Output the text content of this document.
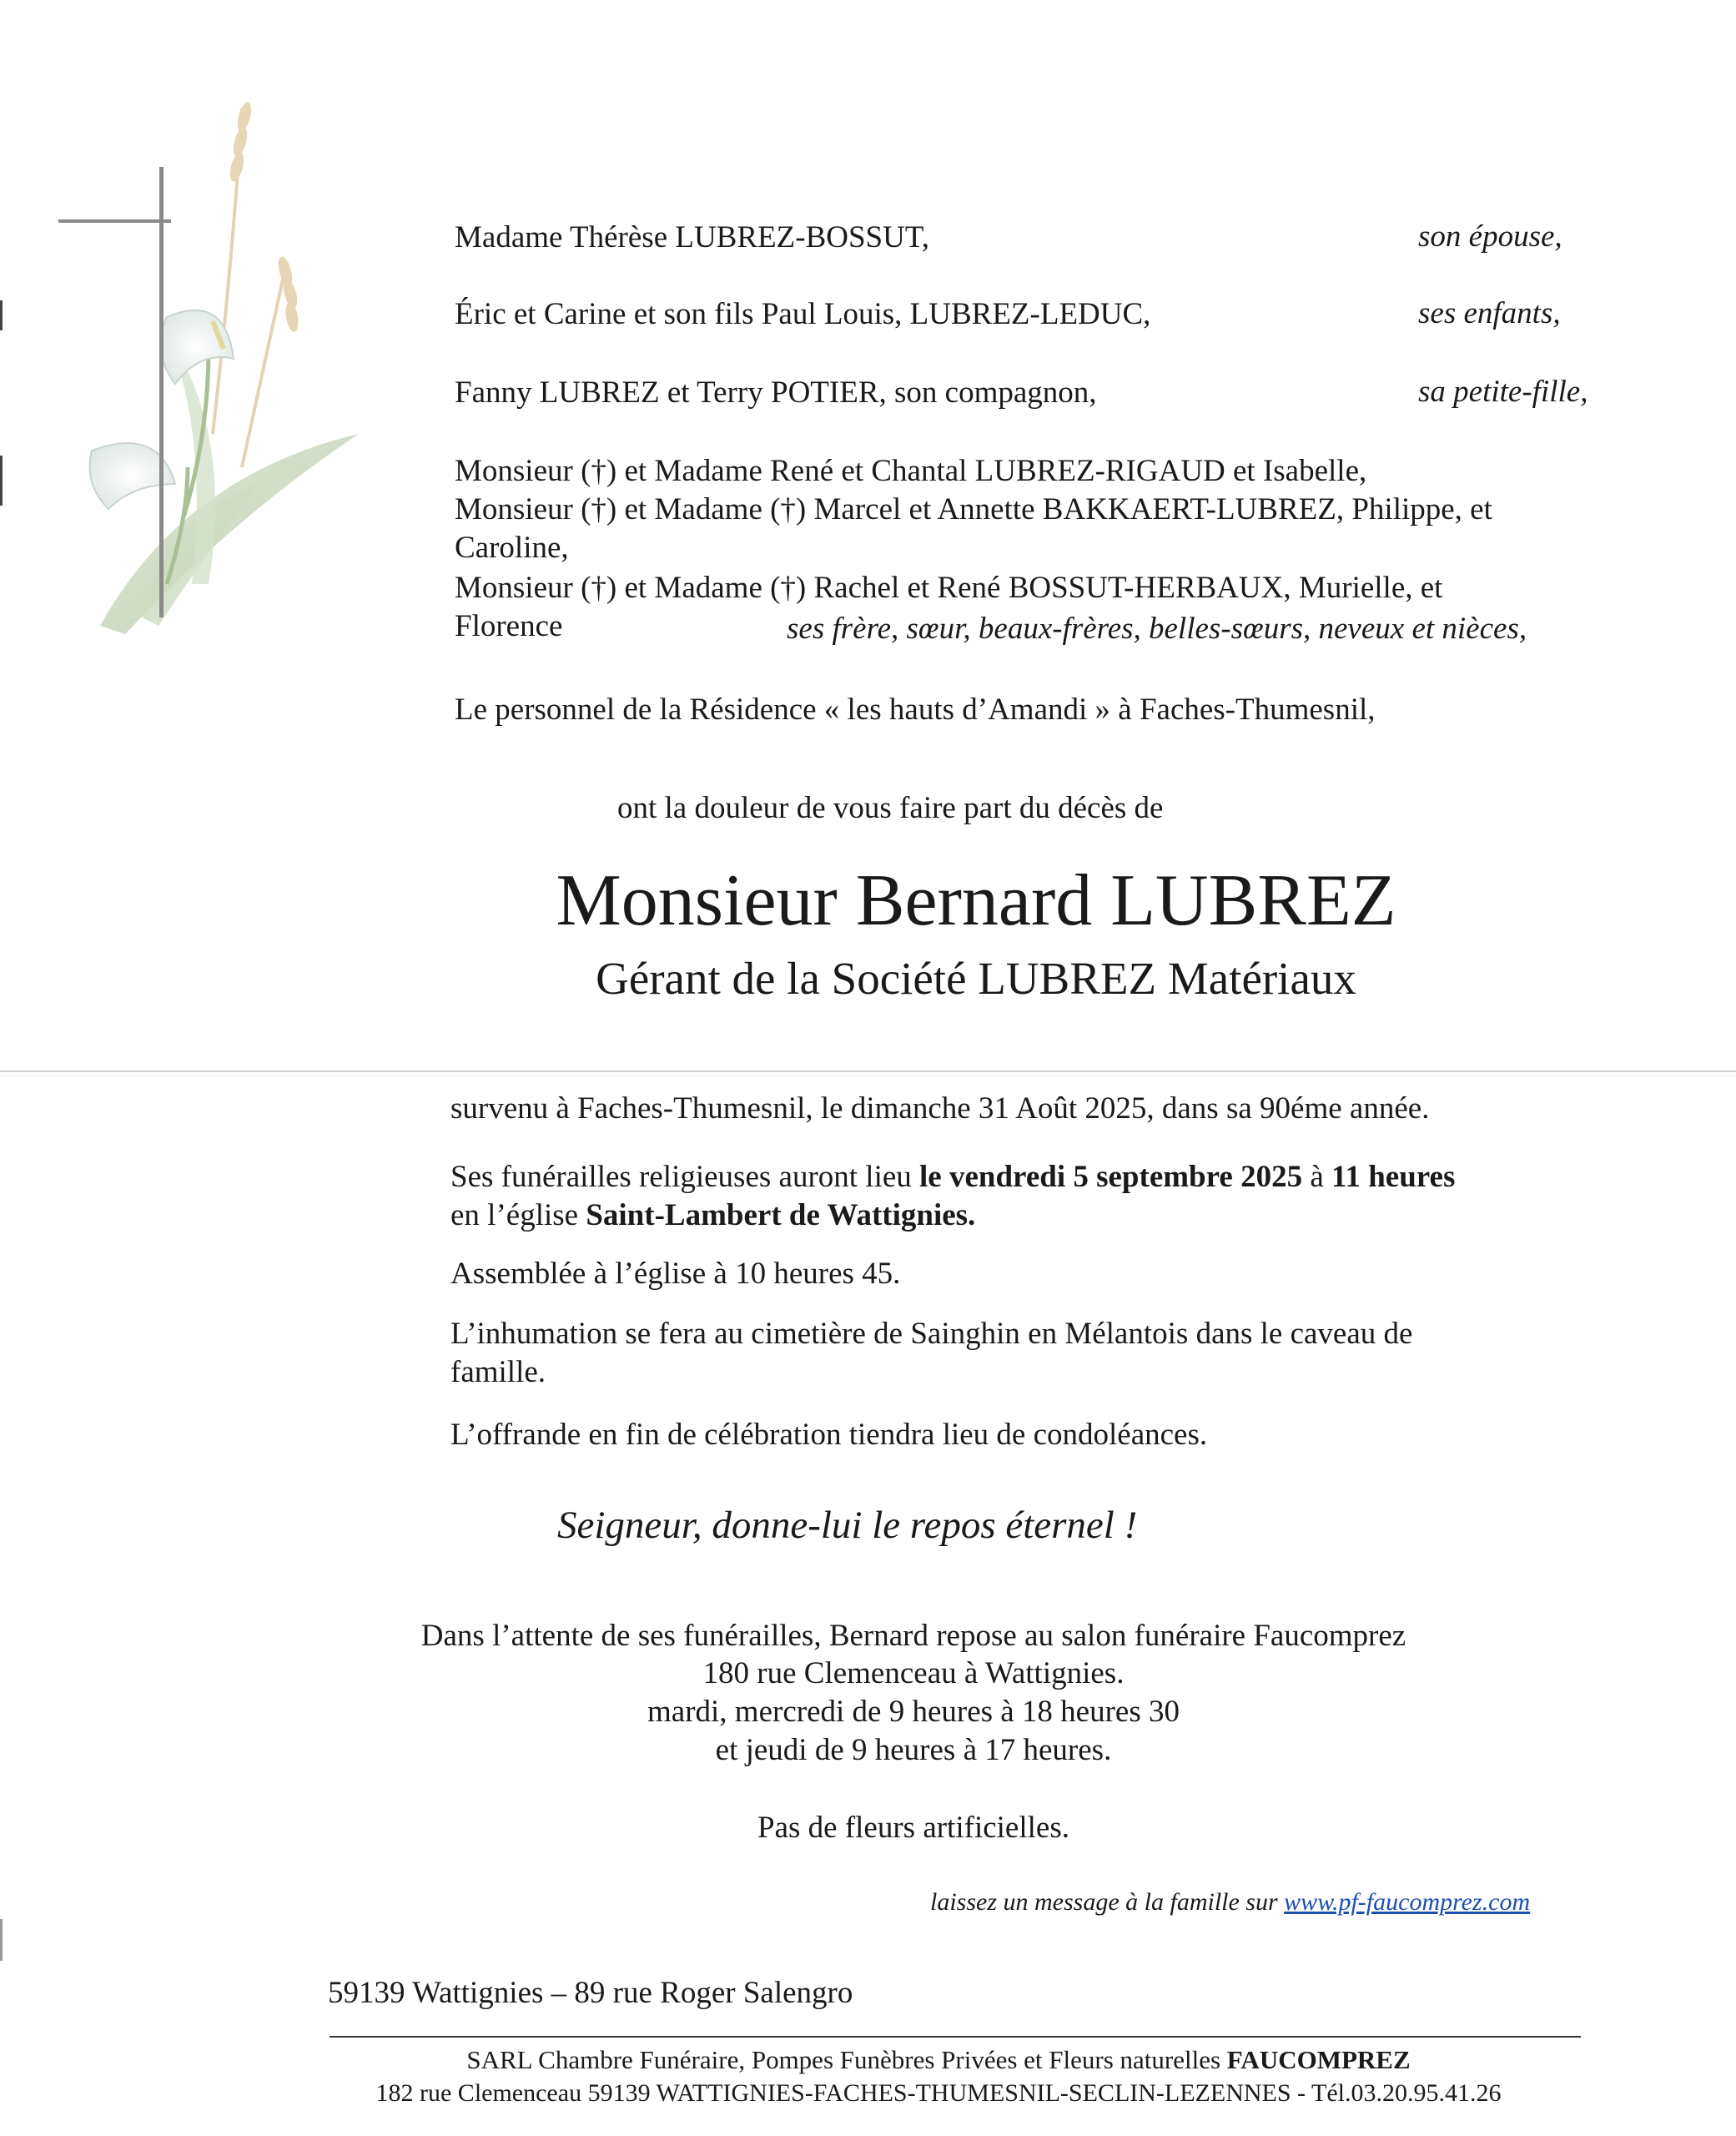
Madame Thérèse LUBREZ-BOSSUT,	son épouse,
Éric et Carine et son fils Paul Louis, LUBREZ-LEDUC,	ses enfants,
Fanny LUBREZ et Terry POTIER, son compagnon,	sa petite-fille,
Monsieur (†) et Madame René et Chantal LUBREZ-RIGAUD et Isabelle,
Monsieur (†) et Madame (†) Marcel et Annette BAKKAERT-LUBREZ, Philippe, et
Caroline,
Monsieur (†) et Madame (†) Rachel et René BOSSUT-HERBAUX, Murielle, et
Florence	ses frère, sœur, beaux-frères, belles-sœurs, neveux et nièces,
Le personnel de la Résidence « les hauts d’Amandi » à Faches-Thumesnil,
ont la douleur de vous faire part du décès de
Monsieur Bernard LUBREZ
Gérant de la Société LUBREZ Matériaux
survenu à Faches-Thumesnil, le dimanche 31 Août 2025, dans sa 90éme année.
Ses funérailles religieuses auront lieu le vendredi 5 septembre 2025 à 11 heures
en l’église Saint-Lambert de Wattignies.
Assemblée à l’église à 10 heures 45.
L’inhumation se fera au cimetière de Sainghin en Mélantois dans le caveau de
famille.
L’offrande en fin de célébration tiendra lieu de condoléances.
Seigneur, donne-lui le repos éternel !
Dans l’attente de ses funérailles, Bernard repose au salon funéraire Faucomprez
180 rue Clemenceau à Wattignies.
mardi, mercredi de 9 heures à 18 heures 30
et jeudi de 9 heures à 17 heures.
Pas de fleurs artificielles.
laissez un message à la famille sur www.pf-faucomprez.com
59139 Wattignies – 89 rue Roger Salengro
SARL Chambre Funéraire, Pompes Funèbres Privées et Fleurs naturelles FAUCOMPREZ
182 rue Clemenceau 59139 WATTIGNIES-FACHES-THUMESNIL-SECLIN-LEZENNES - Tél.03.20.95.41.26
